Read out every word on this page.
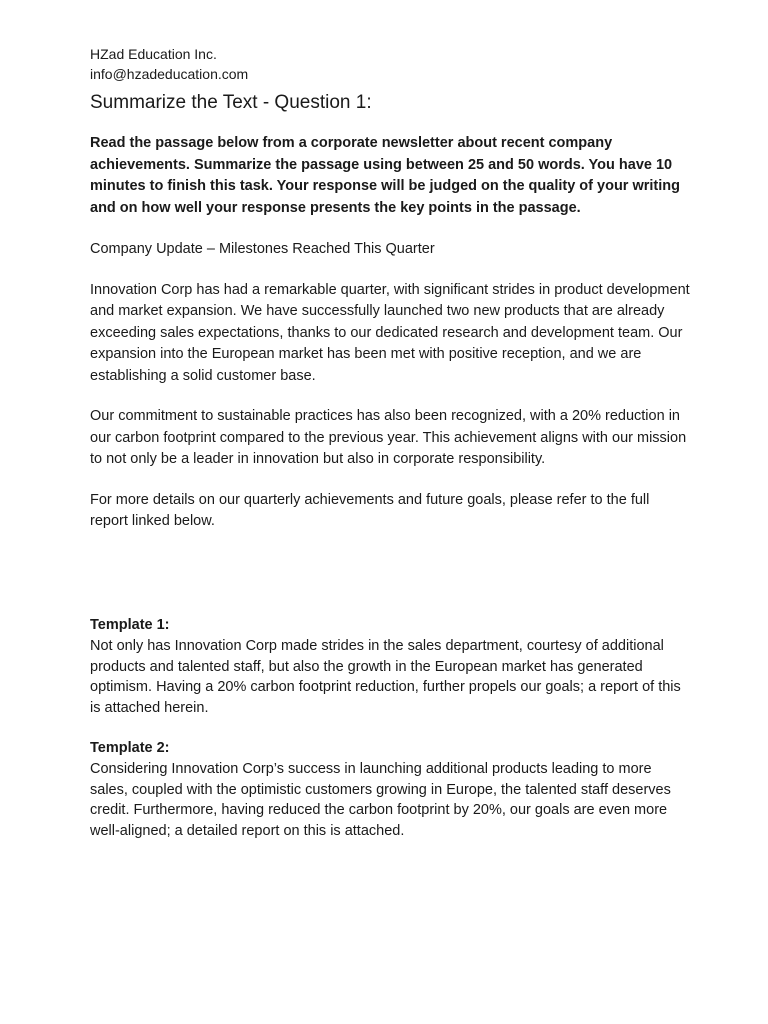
HZad Education Inc.

info@hzadeducation.com

Summarize the Text - Question 1:

Read the passage below from a corporate newsletter about recent company achievements. Summarize the passage using between 25 and 50 words. You have 10 minutes to finish this task. Your response will be judged on the quality of your writing and on how well your response presents the key points in the passage.

Company Update – Milestones Reached This Quarter

Innovation Corp has had a remarkable quarter, with significant strides in product development and market expansion. We have successfully launched two new products that are already exceeding sales expectations, thanks to our dedicated research and development team. Our expansion into the European market has been met with positive reception, and we are establishing a solid customer base.

Our commitment to sustainable practices has also been recognized, with a 20% reduction in our carbon footprint compared to the previous year. This achievement aligns with our mission to not only be a leader in innovation but also in corporate responsibility.

For more details on our quarterly achievements and future goals, please refer to the full report linked below.

Template 1:

Not only has Innovation Corp made strides in the sales department, courtesy of additional products and talented staff, but also the growth in the European market has generated optimism. Having a 20% carbon footprint reduction, further propels our goals; a report of this is attached herein.

Template 2:

Considering Innovation Corp’s success in launching additional products leading to more sales, coupled with the optimistic customers growing in Europe, the talented staff deserves credit. Furthermore, having reduced the carbon footprint by 20%, our goals are even more well-aligned; a detailed report on this is attached.
